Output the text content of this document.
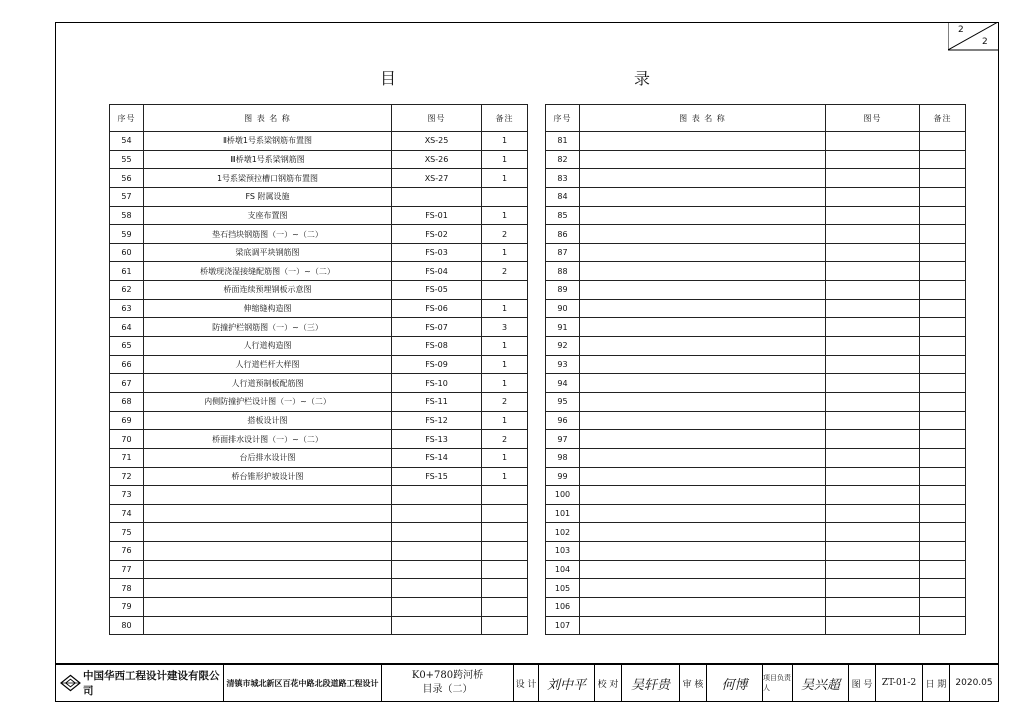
2
2
目	录
序号	图 表 名 称	图号	备注
54	Ⅱ桥墩1号系梁钢筋布置图	XS-25	1
55	Ⅲ桥墩1号系梁钢筋图	XS-26	1
56	1号系梁预拉槽口钢筋布置图	XS-27	1
57	FS 附属设施		
58	支座布置图	FS-01	1
59	垫石挡块钢筋图（一）~（二）	FS-02	2
60	梁底调平块钢筋图	FS-03	1
61	桥墩现浇湿接缝配筋图（一）~（二）	FS-04	2
62	桥面连续预埋钢板示意图	FS-05	
63	伸缩缝构造图	FS-06	1
64	防撞护栏钢筋图（一）~（三）	FS-07	3
65	人行道构造图	FS-08	1
66	人行道栏杆大样图	FS-09	1
67	人行道预制板配筋图	FS-10	1
68	内侧防撞护栏设计图（一）~（二）	FS-11	2
69	搭板设计图	FS-12	1
70	桥面排水设计图（一）~（二）	FS-13	2
71	台后排水设计图	FS-14	1
72	桥台锥形护坡设计图	FS-15	1
73			
74			
75			
76			
77			
78			
79			
80			
序号	图 表 名 称	图号	备注
81			
82			
83			
84			
85			
86			
87			
88			
89			
90			
91			
92			
93			
94			
95			
96			
97			
98			
99			
100			
101			
102			
103			
104			
105			
106			
107			
中国华西工程设计建设有限公司
清镇市城北新区百花中路北段道路工程设计
K0+780跨河桥
目录（二）	设 计 刘中平	校 对 吴轩贵	审 核	何博	项目负责人	吴兴超	图 号	ZT-01-2	日 期 2020.05
